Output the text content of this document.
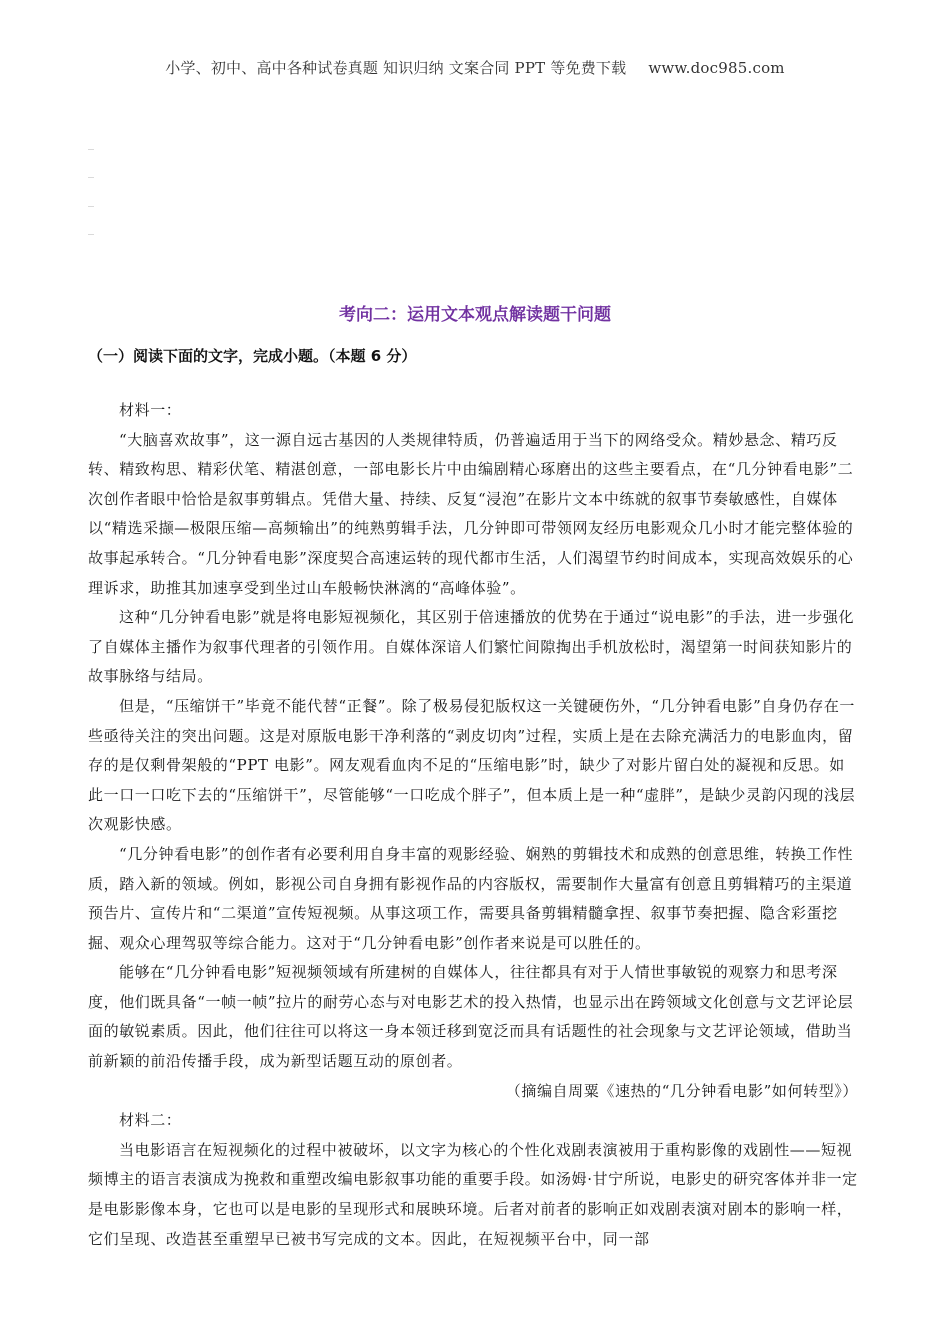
小学、初中、高中各种试卷真题 知识归纳 文案合同 PPT 等免费下载 www.doc985.com
…
…
…
…
考向二：运用文本观点解读题干问题
（一）阅读下面的文字，完成小题。（本题 6 分）

材料一：

“大脑喜欢故事”，这一源自远古基因的人类规律特质，仍普遍适用于当下的网络受众。精妙悬念、精巧反转、精致构思、精彩伏笔、精湛创意，一部电影长片中由编剧精心琢磨出的这些主要看点，在“几分钟看电影”二次创作者眼中恰恰是叙事剪辑点。凭借大量、持续、反复“浸泡”在影片文本中练就的叙事节奏敏感性，自媒体以“精选采撷—极限压缩—高频输出”的纯熟剪辑手法，几分钟即可带领网友经历电影观众几小时才能完整体验的故事起承转合。“几分钟看电影”深度契合高速运转的现代都市生活，人们渴望节约时间成本，实现高效娱乐的心理诉求，助推其加速享受到坐过山车般畅快淋漓的“高峰体验”。

这种“几分钟看电影”就是将电影短视频化，其区别于倍速播放的优势在于通过“说电影”的手法，进一步强化了自媒体主播作为叙事代理者的引领作用。自媒体深谙人们繁忙间隙掏出手机放松时，渴望第一时间获知影片的故事脉络与结局。

但是，“压缩饼干”毕竟不能代替“正餐”。除了极易侵犯版权这一关键硬伤外，“几分钟看电影”自身仍存在一些亟待关注的突出问题。这是对原版电影干净利落的“剥皮切肉”过程，实质上是在去除充满活力的电影血肉，留存的是仅剩骨架般的“PPT 电影”。网友观看血肉不足的“压缩电影”时，缺少了对影片留白处的凝视和反思。如此一口一口吃下去的“压缩饼干”，尽管能够“一口吃成个胖子”，但本质上是一种“虚胖”，是缺少灵韵闪现的浅层次观影快感。

“几分钟看电影”的创作者有必要利用自身丰富的观影经验、娴熟的剪辑技术和成熟的创意思维，转换工作性质，踏入新的领域。例如，影视公司自身拥有影视作品的内容版权，需要制作大量富有创意且剪辑精巧的主渠道预告片、宣传片和“二渠道”宣传短视频。从事这项工作，需要具备剪辑精髓拿捏、叙事节奏把握、隐含彩蛋挖掘、观众心理驾驭等综合能力。这对于“几分钟看电影”创作者来说是可以胜任的。

能够在“几分钟看电影”短视频领域有所建树的自媒体人，往往都具有对于人情世事敏锐的观察力和思考深度，他们既具备“一帧一帧”拉片的耐劳心态与对电影艺术的投入热情，也显示出在跨领域文化创意与文艺评论层面的敏锐素质。因此，他们往往可以将这一身本领迁移到宽泛而具有话题性的社会现象与文艺评论领域，借助当前新颖的前沿传播手段，成为新型话题互动的原创者。

（摘编自周粟《速热的“几分钟看电影”如何转型》）

材料二：

当电影语言在短视频化的过程中被破坏，以文字为核心的个性化戏剧表演被用于重构影像的戏剧性——短视频博主的语言表演成为挽救和重塑改编电影叙事功能的重要手段。如汤姆·甘宁所说，电影史的研究客体并非一定是电影影像本身，它也可以是电影的呈现形式和展映环境。后者对前者的影响正如戏剧表演对剧本的影响一样，它们呈现、改造甚至重塑早已被书写完成的文本。因此，在短视频平台中，同一部
